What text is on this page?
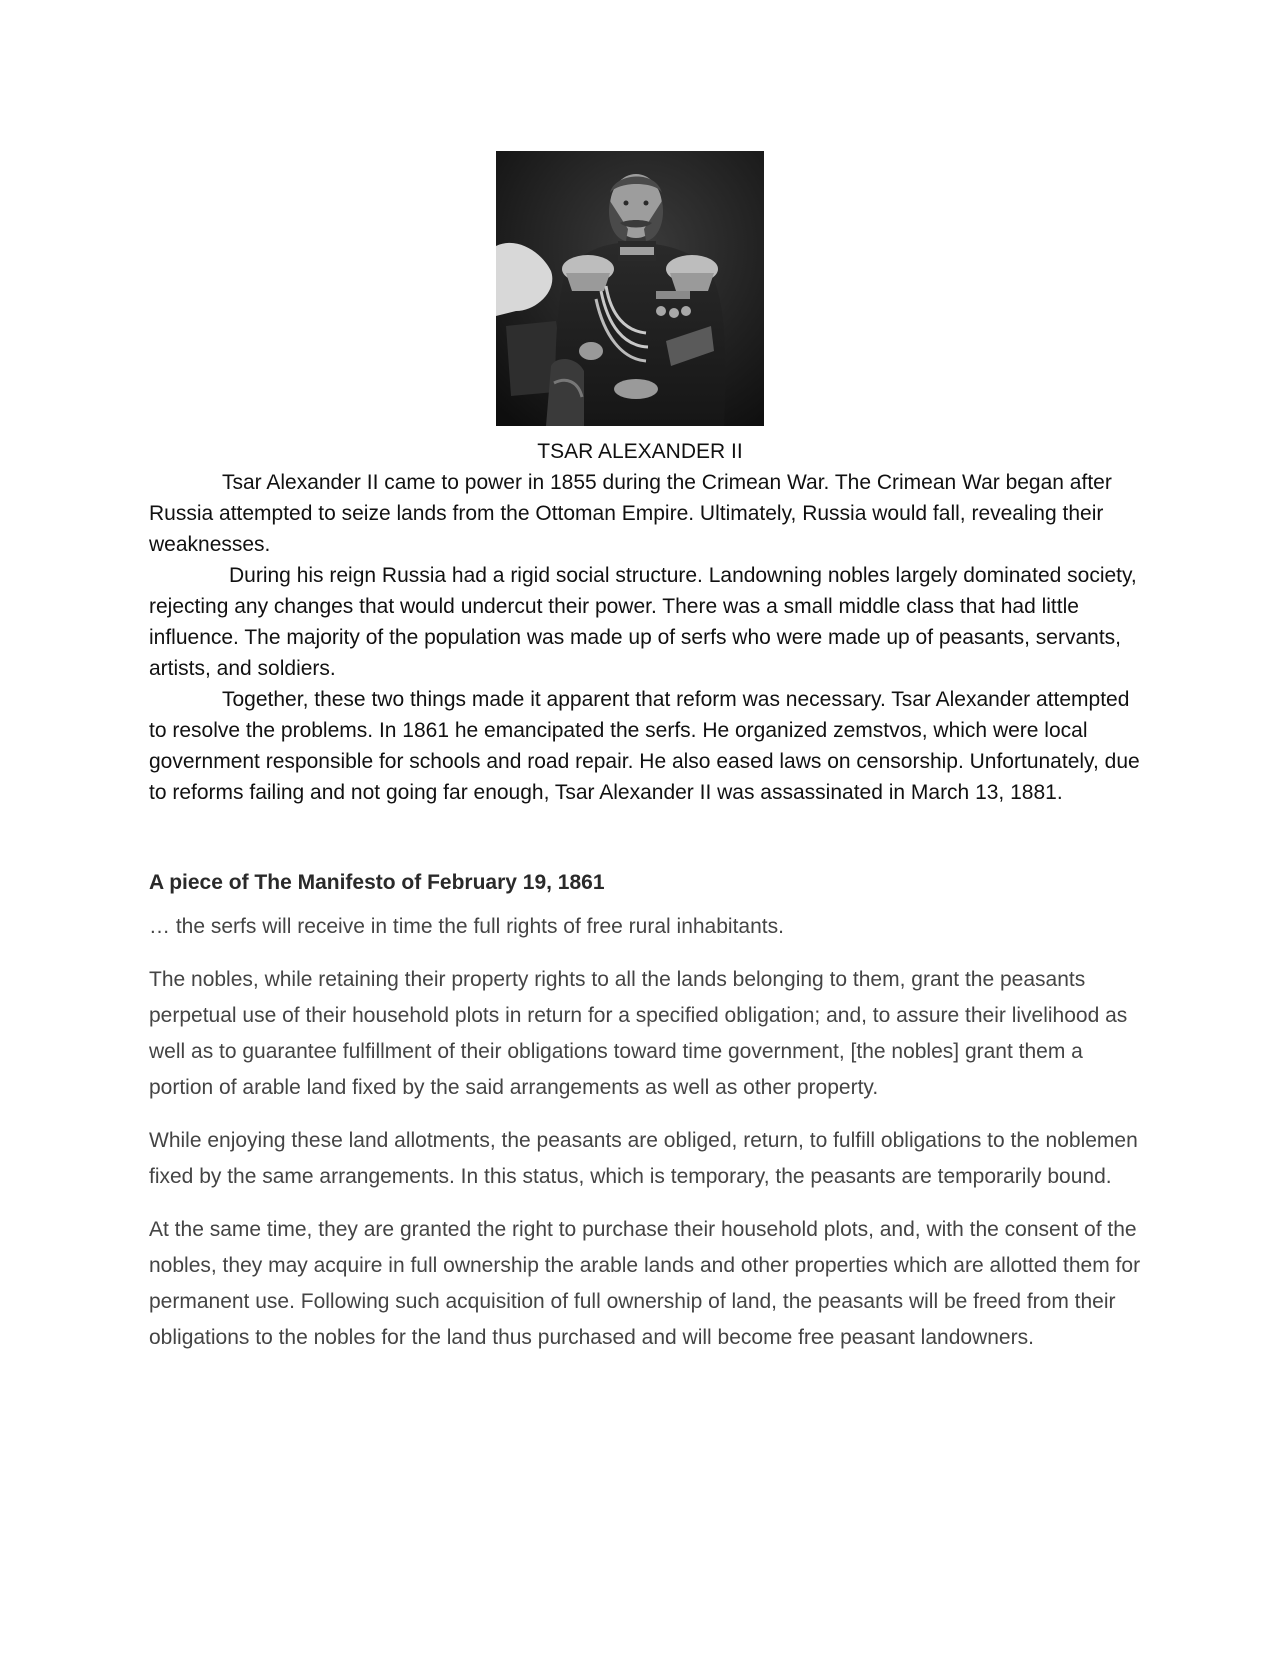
TSAR ALEXANDER II

Tsar Alexander II came to power in 1855 during the Crimean War. The Crimean War began after Russia attempted to seize lands from the Ottoman Empire. Ultimately, Russia would fall, revealing their weaknesses.

During his reign Russia had a rigid social structure. Landowning nobles largely dominated society, rejecting any changes that would undercut their power. There was a small middle class that had little influence. The majority of the population was made up of serfs who were made up of peasants, servants, artists, and soldiers.

Together, these two things made it apparent that reform was necessary. Tsar Alexander attempted to resolve the problems. In 1861 he emancipated the serfs. He organized zemstvos, which were local government responsible for schools and road repair. He also eased laws on censorship. Unfortunately, due to reforms failing and not going far enough, Tsar Alexander II was assassinated in March 13, 1881.

A piece of The Manifesto of February 19, 1861

… the serfs will receive in time the full rights of free rural inhabitants.

The nobles, while retaining their property rights to all the lands belonging to them, grant the peasants perpetual use of their household plots in return for a specified obligation; and, to assure their livelihood as well as to guarantee fulfillment of their obligations toward time government, [the nobles] grant them a portion of arable land fixed by the said arrangements as well as other property.

While enjoying these land allotments, the peasants are obliged, return, to fulfill obligations to the noblemen fixed by the same arrangements. In this status, which is temporary, the peasants are temporarily bound.

At the same time, they are granted the right to purchase their household plots, and, with the consent of the nobles, they may acquire in full ownership the arable lands and other properties which are allotted them for permanent use. Following such acquisition of full ownership of land, the peasants will be freed from their obligations to the nobles for the land thus purchased and will become free peasant landowners.
